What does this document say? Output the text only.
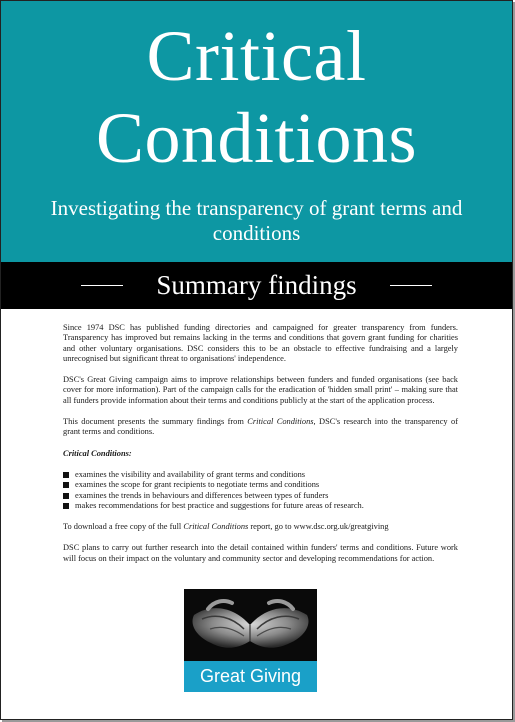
Critical
Conditions
Investigating the transparency of grant terms and conditions
Summary findings

Since 1974 DSC has published funding directories and campaigned for greater transparency from funders. Transparency has improved but remains lacking in the terms and conditions that govern grant funding for charities and other voluntary organisations. DSC considers this to be an obstacle to effective fundraising and a largely unrecognised but significant threat to organisations' independence.

DSC's Great Giving campaign aims to improve relationships between funders and funded organisations (see back cover for more information). Part of the campaign calls for the eradication of 'hidden small print' – making sure that all funders provide information about their terms and conditions publicly at the start of the application process.

This document presents the summary findings from Critical Conditions, DSC's research into the transparency of grant terms and conditions.

Critical Conditions:

examines the visibility and availability of grant terms and conditions
examines the scope for grant recipients to negotiate terms and conditions
examines the trends in behaviours and differences between types of funders
makes recommendations for best practice and suggestions for future areas of research.

To download a free copy of the full Critical Conditions report, go to www.dsc.org.uk/greatgiving

DSC plans to carry out further research into the detail contained within funders' terms and conditions. Future work will focus on their impact on the voluntary and community sector and developing recommendations for action.

Great Giving
